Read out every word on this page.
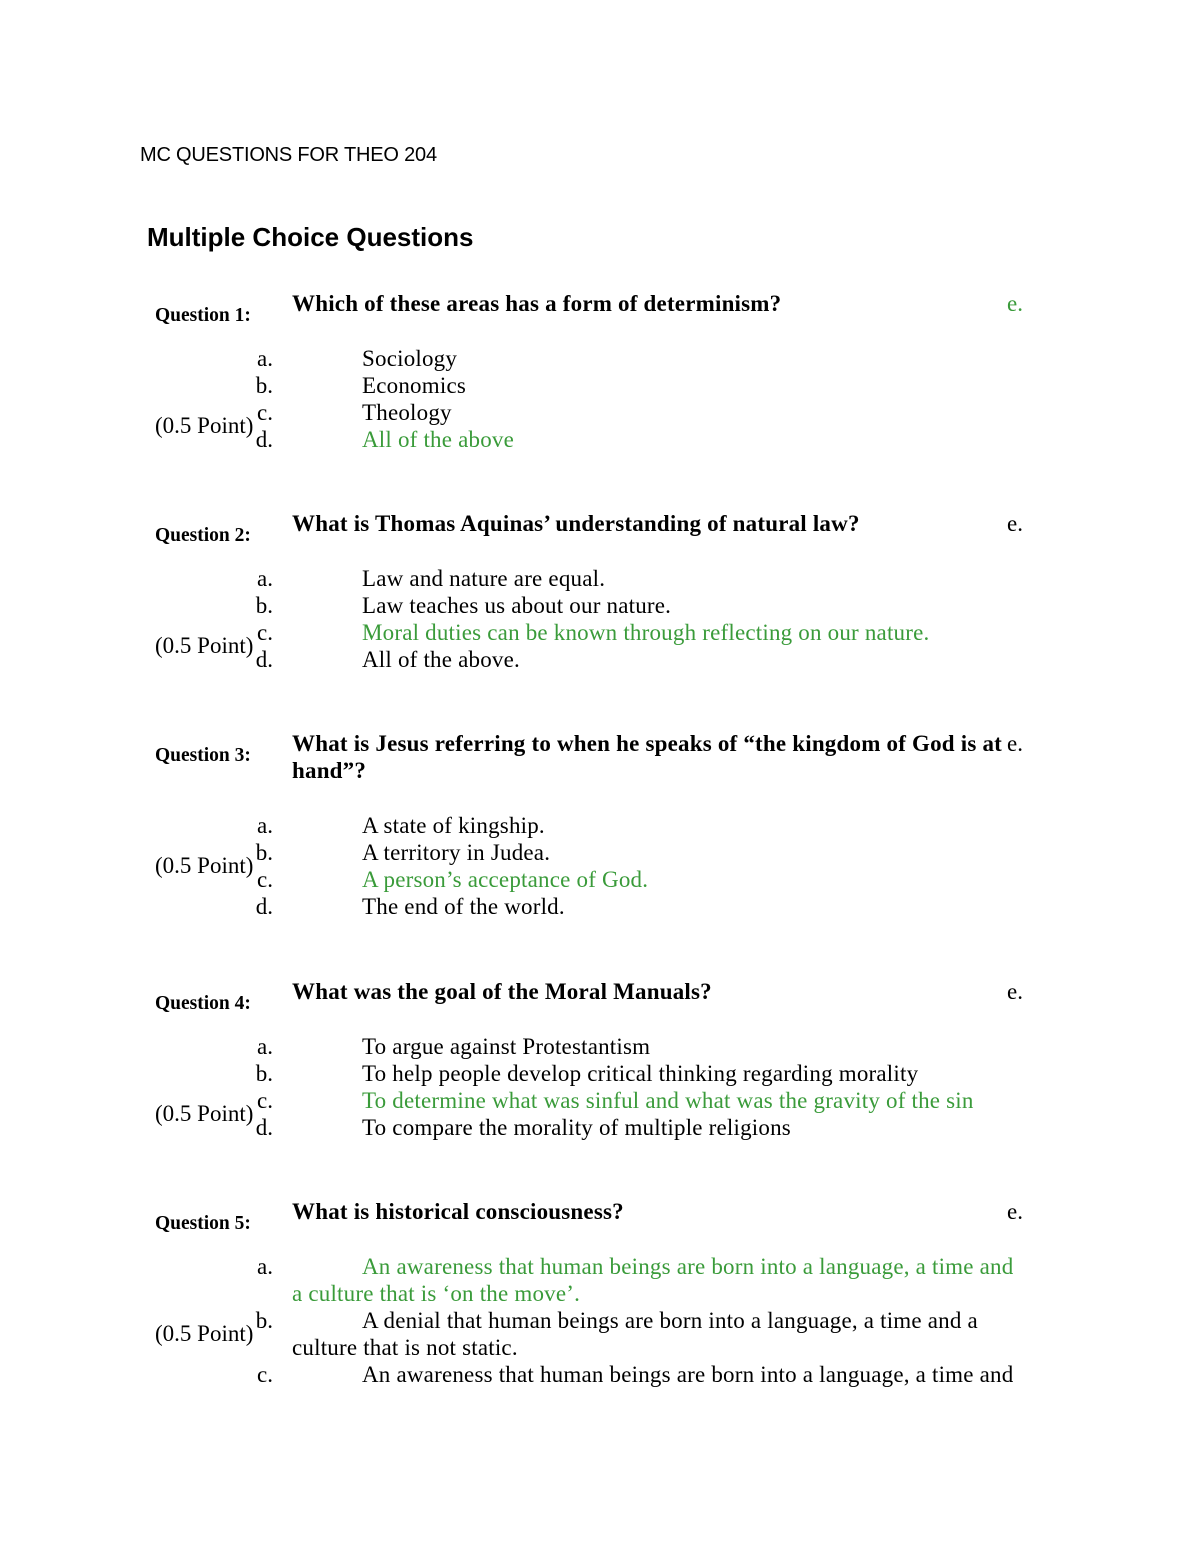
MC QUESTIONS FOR THEO 204
Multiple Choice Questions
Question 1: Which of these areas has a form of determinism?	e.
(0.5 Point)
a.	Sociology
b.	Economics
c.	Theology
d.	All of the above
Question 2: What is Thomas Aquinas’ understanding of natural law?	e.
(0.5 Point)
a.	Law and nature are equal.
b.	Law teaches us about our nature.
c.	Moral duties can be known through reflecting on our nature.
d.	All of the above.
Question 3: What is Jesus referring to when he speaks of “the kingdom of God is at hand”?
e.
(0.5 Point)
a.	A state of kingship.
b.	A territory in Judea.
c.	A person’s acceptance of God.
d.	The end of the world.
Question 4: What was the goal of the Moral Manuals?	e.
(0.5 Point)
a.	To argue against Protestantism
b.	To help people develop critical thinking regarding morality
c.	To determine what was sinful and what was the gravity of the sin
d.	To compare the morality of multiple religions
Question 5: What is historical consciousness?	e.
(0.5 Point)
a.	An awareness that human beings are born into a language, a time and a culture that is ‘on the move’.
b.	A denial that human beings are born into a language, a time and a culture that is not static.
c.	An awareness that human beings are born into a language, a time and
